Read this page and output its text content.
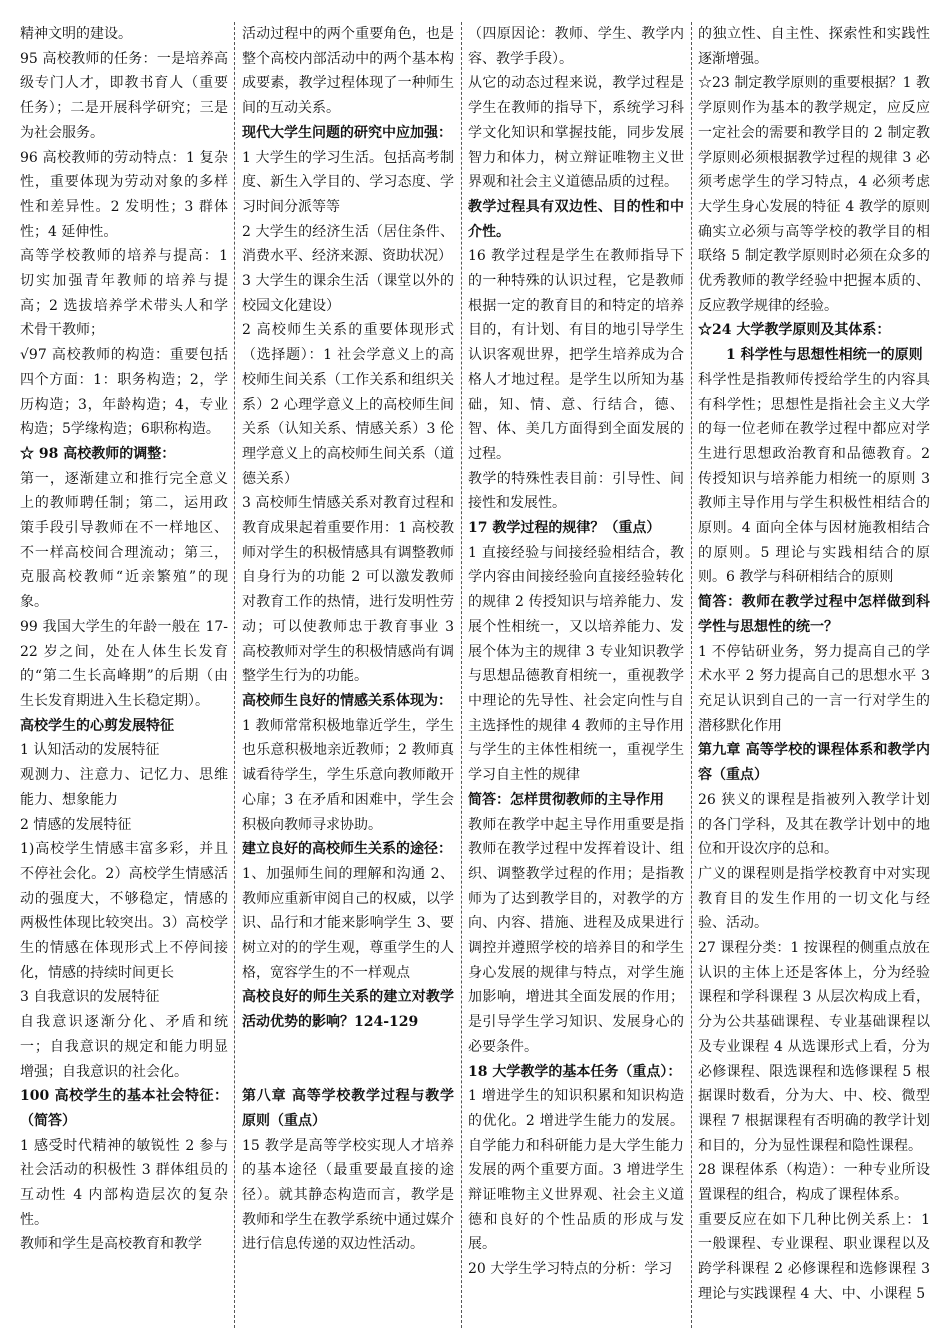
精神文明的建设。

95 高校教师的任务：一是培养高级专门人才，即教书育人（重要任务）；二是开展科学研究；三是为社会服务。

96 高校教师的劳动特点：1 复杂性，重要体现为劳动对象的多样性和差异性。2 发明性；3 群体性；4 延伸性。

高等学校教师的培养与提高：1 切实加强青年教师的培养与提高；2 选拔培养学术带头人和学术骨干教师；

√97 高校教师的构造：重要包括四个方面：1：职务构造；2，学历构造；3，年龄构造；4，专业构造；5学缘构造；6职称构造。

☆ 98 高校教师的调整：

第一，逐渐建立和推行完全意义上的教师聘任制；第二，运用政策手段引导教师在不一样地区、不一样高校间合理流动；第三，克服高校教师“近亲繁殖”的现象。

99 我国大学生的年龄一般在 17-22 岁之间，处在人体生长发育的“第二生长高峰期”的后期（由生长发育期进入生长稳定期）。

高校学生的心剪发展特征

1 认知活动的发展特征

观测力、注意力、记忆力、思维能力、想象能力

2 情感的发展特征

1)高校学生情感丰富多彩，并且不停社会化。2）高校学生情感活动的强度大，不够稳定，情感的两极性体现比较突出。3）高校学生的情感在体现形式上不停间接化，情感的持续时间更长

3 自我意识的发展特征

自我意识逐渐分化、矛盾和统一；自我意识的规定和能力明显增强；自我意识的社会化。

100 高校学生的基本社会特征：（简答）

1 感受时代精神的敏锐性 2 参与社会活动的积极性 3 群体组员的互动性 4 内部构造层次的复杂性。

教师和学生是高校教育和教学

活动过程中的两个重要角色，也是整个高校内部活动中的两个基本构成要素，教学过程体现了一种师生间的互动关系。

现代大学生问题的研究中应加强：

1 大学生的学习生活。包括高考制度、新生入学目的、学习态度、学习时间分派等等

2 大学生的经济生活（居住条件、消费水平、经济来源、资助状况）

3 大学生的课余生活（课堂以外的校园文化建设）

2 高校师生关系的重要体现形式（选择题）：1 社会学意义上的高校师生间关系（工作关系和组织关系）2 心理学意义上的高校师生间关系（认知关系、情感关系）3 伦理学意义上的高校师生间关系（道德关系）

3 高校师生情感关系对教育过程和教育成果起着重要作用：1 高校教师对学生的积极情感具有调整教师自身行为的功能 2 可以激发教师对教育工作的热情，进行发明性劳动；可以使教师忠于教育事业 3 高校教师对学生的积极情感尚有调整学生行为的功能。

高校师生良好的情感关系体现为：

1 教师常常积极地靠近学生，学生也乐意积极地亲近教师；2 教师真诚看待学生，学生乐意向教师敞开心扉；3 在矛盾和困难中，学生会积极向教师寻求协助。

建立良好的高校师生关系的途径：

1、加强师生间的理解和沟通 2、教师应重新审阅自己的权威，以学识、品行和才能来影响学生 3、要树立对的的学生观，尊重学生的人格，宽容学生的不一样观点

高校良好的师生关系的建立对教学活动优势的影响？124-129

第八章 高等学校教学过程与教学原则（重点）

15 教学是高等学校实现人才培养的基本途径（最重要最直接的途径）。就其静态构造而言，教学是教师和学生在教学系统中通过媒介进行信息传递的双边性活动。

（四原因论：教师、学生、教学内容、教学手段）。

从它的动态过程来说，教学过程是学生在教师的指导下，系统学习科学文化知识和掌握技能，同步发展智力和体力，树立辩证唯物主义世界观和社会主义道德品质的过程。

教学过程具有双边性、目的性和中介性。

16 教学过程是学生在教师指导下的一种特殊的认识过程，它是教师根据一定的教育目的和特定的培养目的，有计划、有目的地引导学生认识客观世界，把学生培养成为合格人才地过程。是学生以所知为基础，知、情、意、行结合，德、智、体、美几方面得到全面发展的过程。

教学的特殊性表目前：引导性、间接性和发展性。

17 教学过程的规律？（重点）

1 直接经验与间接经验相结合，教学内容由间接经验向直接经验转化的规律 2 传授知识与培养能力、发展个性相统一，又以培养能力、发展个体为主的规律 3 专业知识教学与思想品德教育相统一，重视教学中理论的先导性、社会定向性与自主选择性的规律 4 教师的主导作用与学生的主体性相统一，重视学生学习自主性的规律

简答：怎样贯彻教师的主导作用

教师在教学中起主导作用重要是指教师在教学过程中发挥着设计、组织、调整教学过程的作用；是指教师为了达到教学目的，对教学的方向、内容、措施、进程及成果进行调控并遵照学校的培养目的和学生身心发展的规律与特点，对学生施加影响，增进其全面发展的作用；是引导学生学习知识、发展身心的必要条件。

18 大学教学的基本任务（重点）：

1 增进学生的知识积累和知识构造的优化。2 增进学生能力的发展。自学能力和科研能力是大学生能力发展的两个重要方面。3 增进学生辩证唯物主义世界观、社会主义道德和良好的个性品质的形成与发展。

20 大学生学习特点的分析：学习

的独立性、自主性、探索性和实践性逐渐增强。

☆23 制定教学原则的重要根据？1 教学原则作为基本的教学规定，应反应一定社会的需要和教学目的 2 制定教学原则必须根据教学过程的规律 3 必须考虑学生的学习特点，4 必须考虑大学生身心发展的特征 4 教学的原则确实立必须与高等学校的教学目的相联络 5 制定教学原则时必须在众多的优秀教师的教学经验中把握本质的、反应教学规律的经验。

☆24 大学教学原则及其体系：

1 科学性与思想性相统一的原则

科学性是指教师传授给学生的内容具有科学性；思想性是指社会主义大学的每一位老师在教学过程中都应对学生进行思想政治教育和品德教育。2 传授知识与培养能力相统一的原则 3 教师主导作用与学生积极性相结合的原则。4 面向全体与因材施教相结合的原则。5 理论与实践相结合的原则。6 教学与科研相结合的原则

简答：教师在教学过程中怎样做到科学性与思想性的统一？

1 不停钻研业务，努力提高自己的学术水平 2 努力提高自己的思想水平 3 充足认识到自己的一言一行对学生的潜移默化作用

第九章 高等学校的课程体系和教学内容（重点）

26 狭义的课程是指被列入教学计划的各门学科，及其在教学计划中的地位和开设次序的总和。

广义的课程则是指学校教育中对实现教育目的发生作用的一切文化与经验、活动。

27 课程分类：1 按课程的侧重点放在认识的主体上还是客体上，分为经验课程和学科课程 3 从层次构成上看，分为公共基础课程、专业基础课程以及专业课程 4 从选课形式上看，分为必修课程、限选课程和选修课程 5 根据课时数看，分为大、中、校、微型课程 7 根据课程有否明确的教学计划和目的，分为显性课程和隐性课程。

28 课程体系（构造）：一种专业所设置课程的组合，构成了课程体系。

重要反应在如下几种比例关系上：1 一般课程、专业课程、职业课程以及跨学科课程 2 必修课程和选修课程 3 理论与实践课程 4 大、中、小课程 5
